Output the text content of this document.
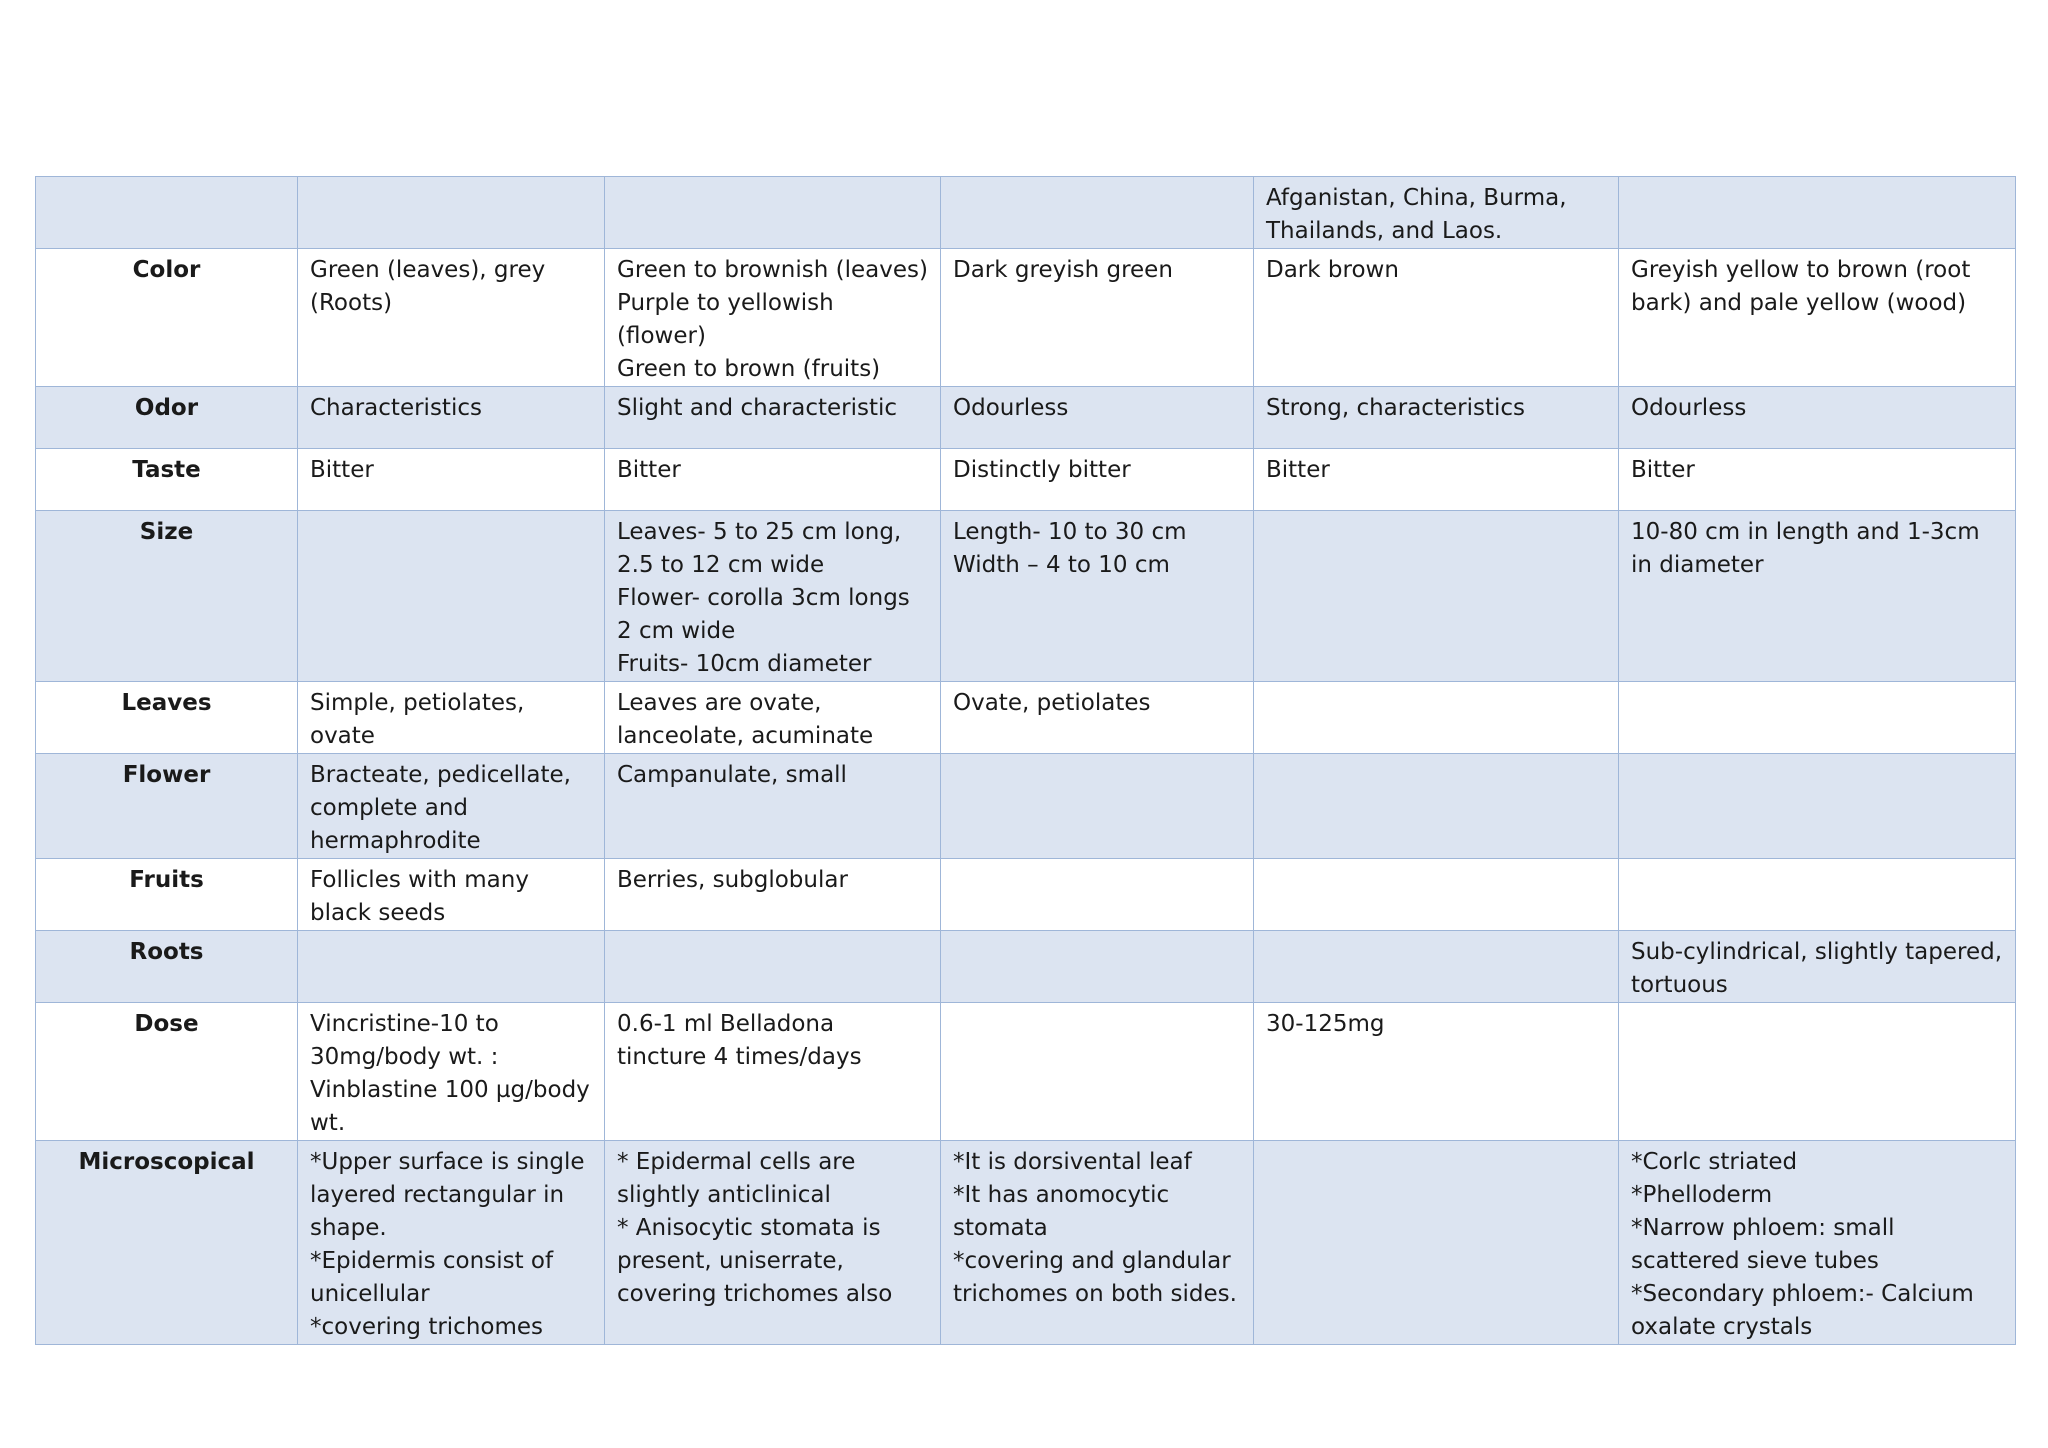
				Afganistan, China, Burma, Thailands, and Laos.	
Color	Green (leaves), grey (Roots)	Green to brownish (leaves)
Purple to yellowish (flower)
Green to brown (fruits)	Dark greyish green	Dark brown	Greyish yellow to brown (root bark) and pale yellow (wood)
Odor	Characteristics	Slight and characteristic	Odourless	Strong, characteristics	Odourless
Taste	Bitter	Bitter	Distinctly bitter	Bitter	Bitter
Size		Leaves- 5 to 25 cm long, 2.5 to 12 cm wide
Flower- corolla 3cm longs 2 cm wide
Fruits- 10cm diameter	Length- 10 to 30 cm
Width – 4 to 10 cm		10-80 cm in length and 1-3cm in diameter
Leaves	Simple, petiolates, ovate	Leaves are ovate, lanceolate, acuminate	Ovate, petiolates		
Flower	Bracteate, pedicellate, complete and hermaphrodite	Campanulate, small			
Fruits	Follicles with many black seeds	Berries, subglobular			
Roots					Sub-cylindrical, slightly tapered, tortuous
Dose	Vincristine-10 to 30mg/body wt. : Vinblastine 100 µg/body wt.	0.6-1 ml Belladona tincture 4 times/days		30-125mg	
Microscopical	*Upper surface is single layered rectangular in shape.
*Epidermis consist of unicellular
*covering trichomes	* Epidermal cells are slightly anticlinical
* Anisocytic stomata is present, uniserrate, covering trichomes also	*It is dorsivental leaf
*It has anomocytic stomata
*covering and glandular trichomes on both sides.		*Corlc striated
*Phelloderm
*Narrow phloem: small scattered sieve tubes
*Secondary phloem:- Calcium oxalate crystals
